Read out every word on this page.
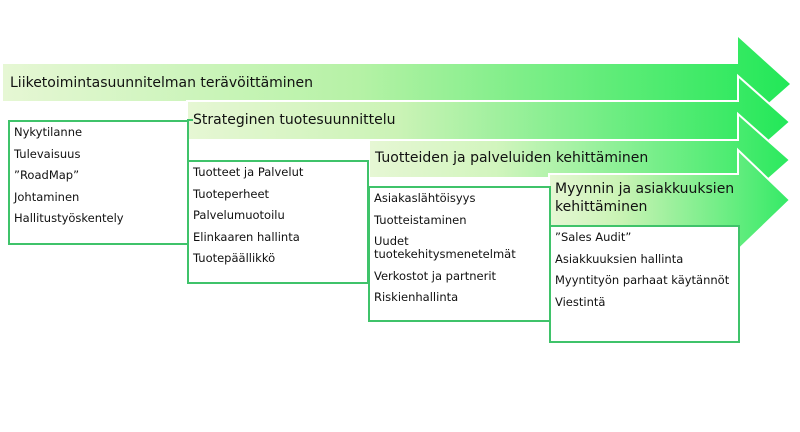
Liiketoimintasuunnitelman terävöittäminen
Strateginen tuotesuunnittelu
Tuotteiden ja palveluiden kehittäminen
Myynnin ja asiakkuuksien
kehittäminen
Nykytilanne
Tulevaisuus
”RoadMap”
Johtaminen
Hallitustyöskentely
Tuotteet ja Palvelut
Tuoteperheet
Palvelumuotoilu
Elinkaaren hallinta
Tuotepäällikkö
Asiakaslähtöisyys
Tuotteistaminen
Uudet tuotekehitysmenetelmät
Verkostot ja partnerit
Riskienhallinta
”Sales Audit”
Asiakkuuksien hallinta
Myyntityön parhaat käytännöt
Viestintä
